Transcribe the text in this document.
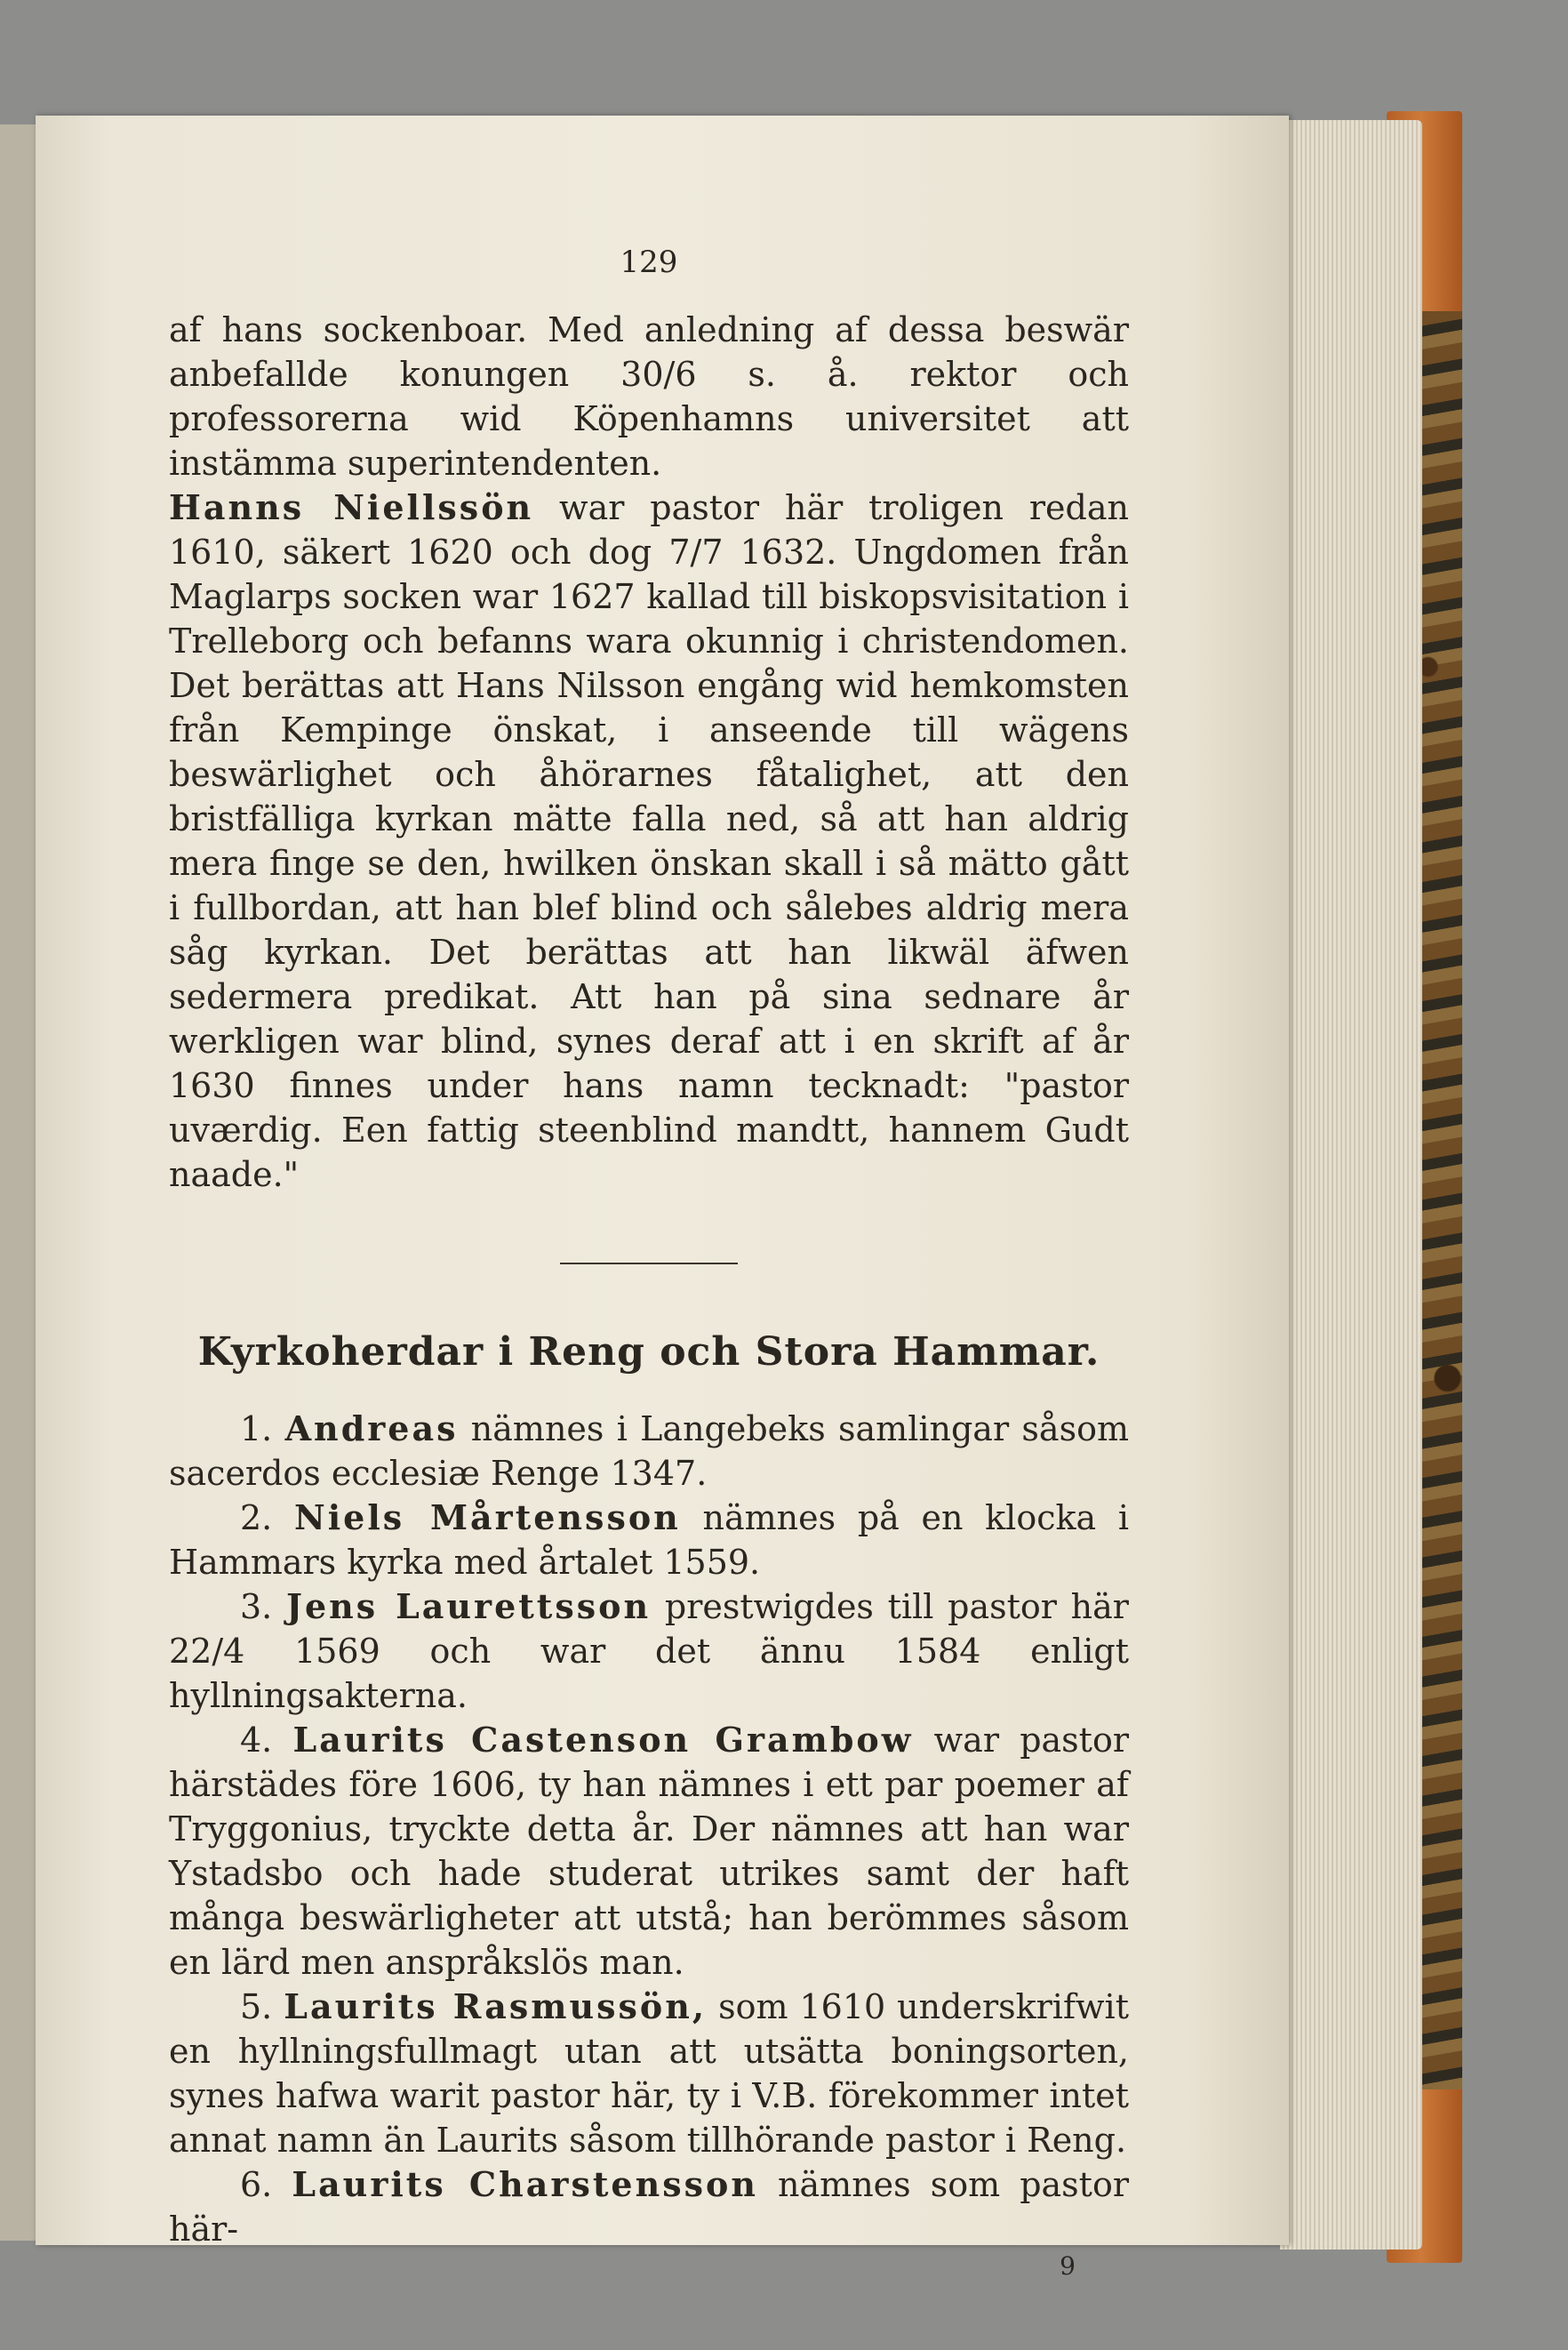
129

af hans sockenboar. Med anledning af dessa beswär anbefallde konungen 30/6 s. å. rektor och professorerna wid Köpenhamns universitet att instämma superintendenten.

Hanns Niellssön war pastor här troligen redan 1610, säkert 1620 och dog 7/7 1632. Ungdomen från Maglarps socken war 1627 kallad till biskopsvisitation i Trelleborg och befanns wara okunnig i christendomen. Det berättas att Hans Nilsson engång wid hemkomsten från Kempinge önskat, i anseende till wägens beswärlighet och åhörarnes fåtalighet, att den bristfälliga kyrkan mätte falla ned, så att han aldrig mera finge se den, hwilken önskan skall i så mätto gått i fullbordan, att han blef blind och sålebes aldrig mera såg kyrkan. Det berättas att han likwäl äfwen sedermera predikat. Att han på sina sednare år werkligen war blind, synes deraf att i en skrift af år 1630 finnes under hans namn tecknadt: "pastor uværdig. Een fattig steenblind mandtt, hannem Gudt naade."

Kyrkoherdar i Reng och Stora Hammar.

1. Andreas nämnes i Langebeks samlingar såsom sacerdos ecclesiæ Renge 1347.

2. Niels Mårtensson nämnes på en klocka i Hammars kyrka med årtalet 1559.

3. Jens Laurettsson prestwigdes till pastor här 22/4 1569 och war det ännu 1584 enligt hyllningsakterna.

4. Laurits Castenson Grambow war pastor härstädes före 1606, ty han nämnes i ett par poemer af Tryggonius, tryckte detta år. Der nämnes att han war Ystadsbo och hade studerat utrikes samt der haft många beswärligheter att utstå; han berömmes såsom en lärd men anspråkslös man.

5. Laurits Rasmussön, som 1610 underskrifwit en hyllningsfullmagt utan att utsätta boningsorten, synes hafwa warit pastor här, ty i V.B. förekommer intet annat namn än Laurits såsom tillhörande pastor i Reng.

6. Laurits Charstensson nämnes som pastor här-

9
